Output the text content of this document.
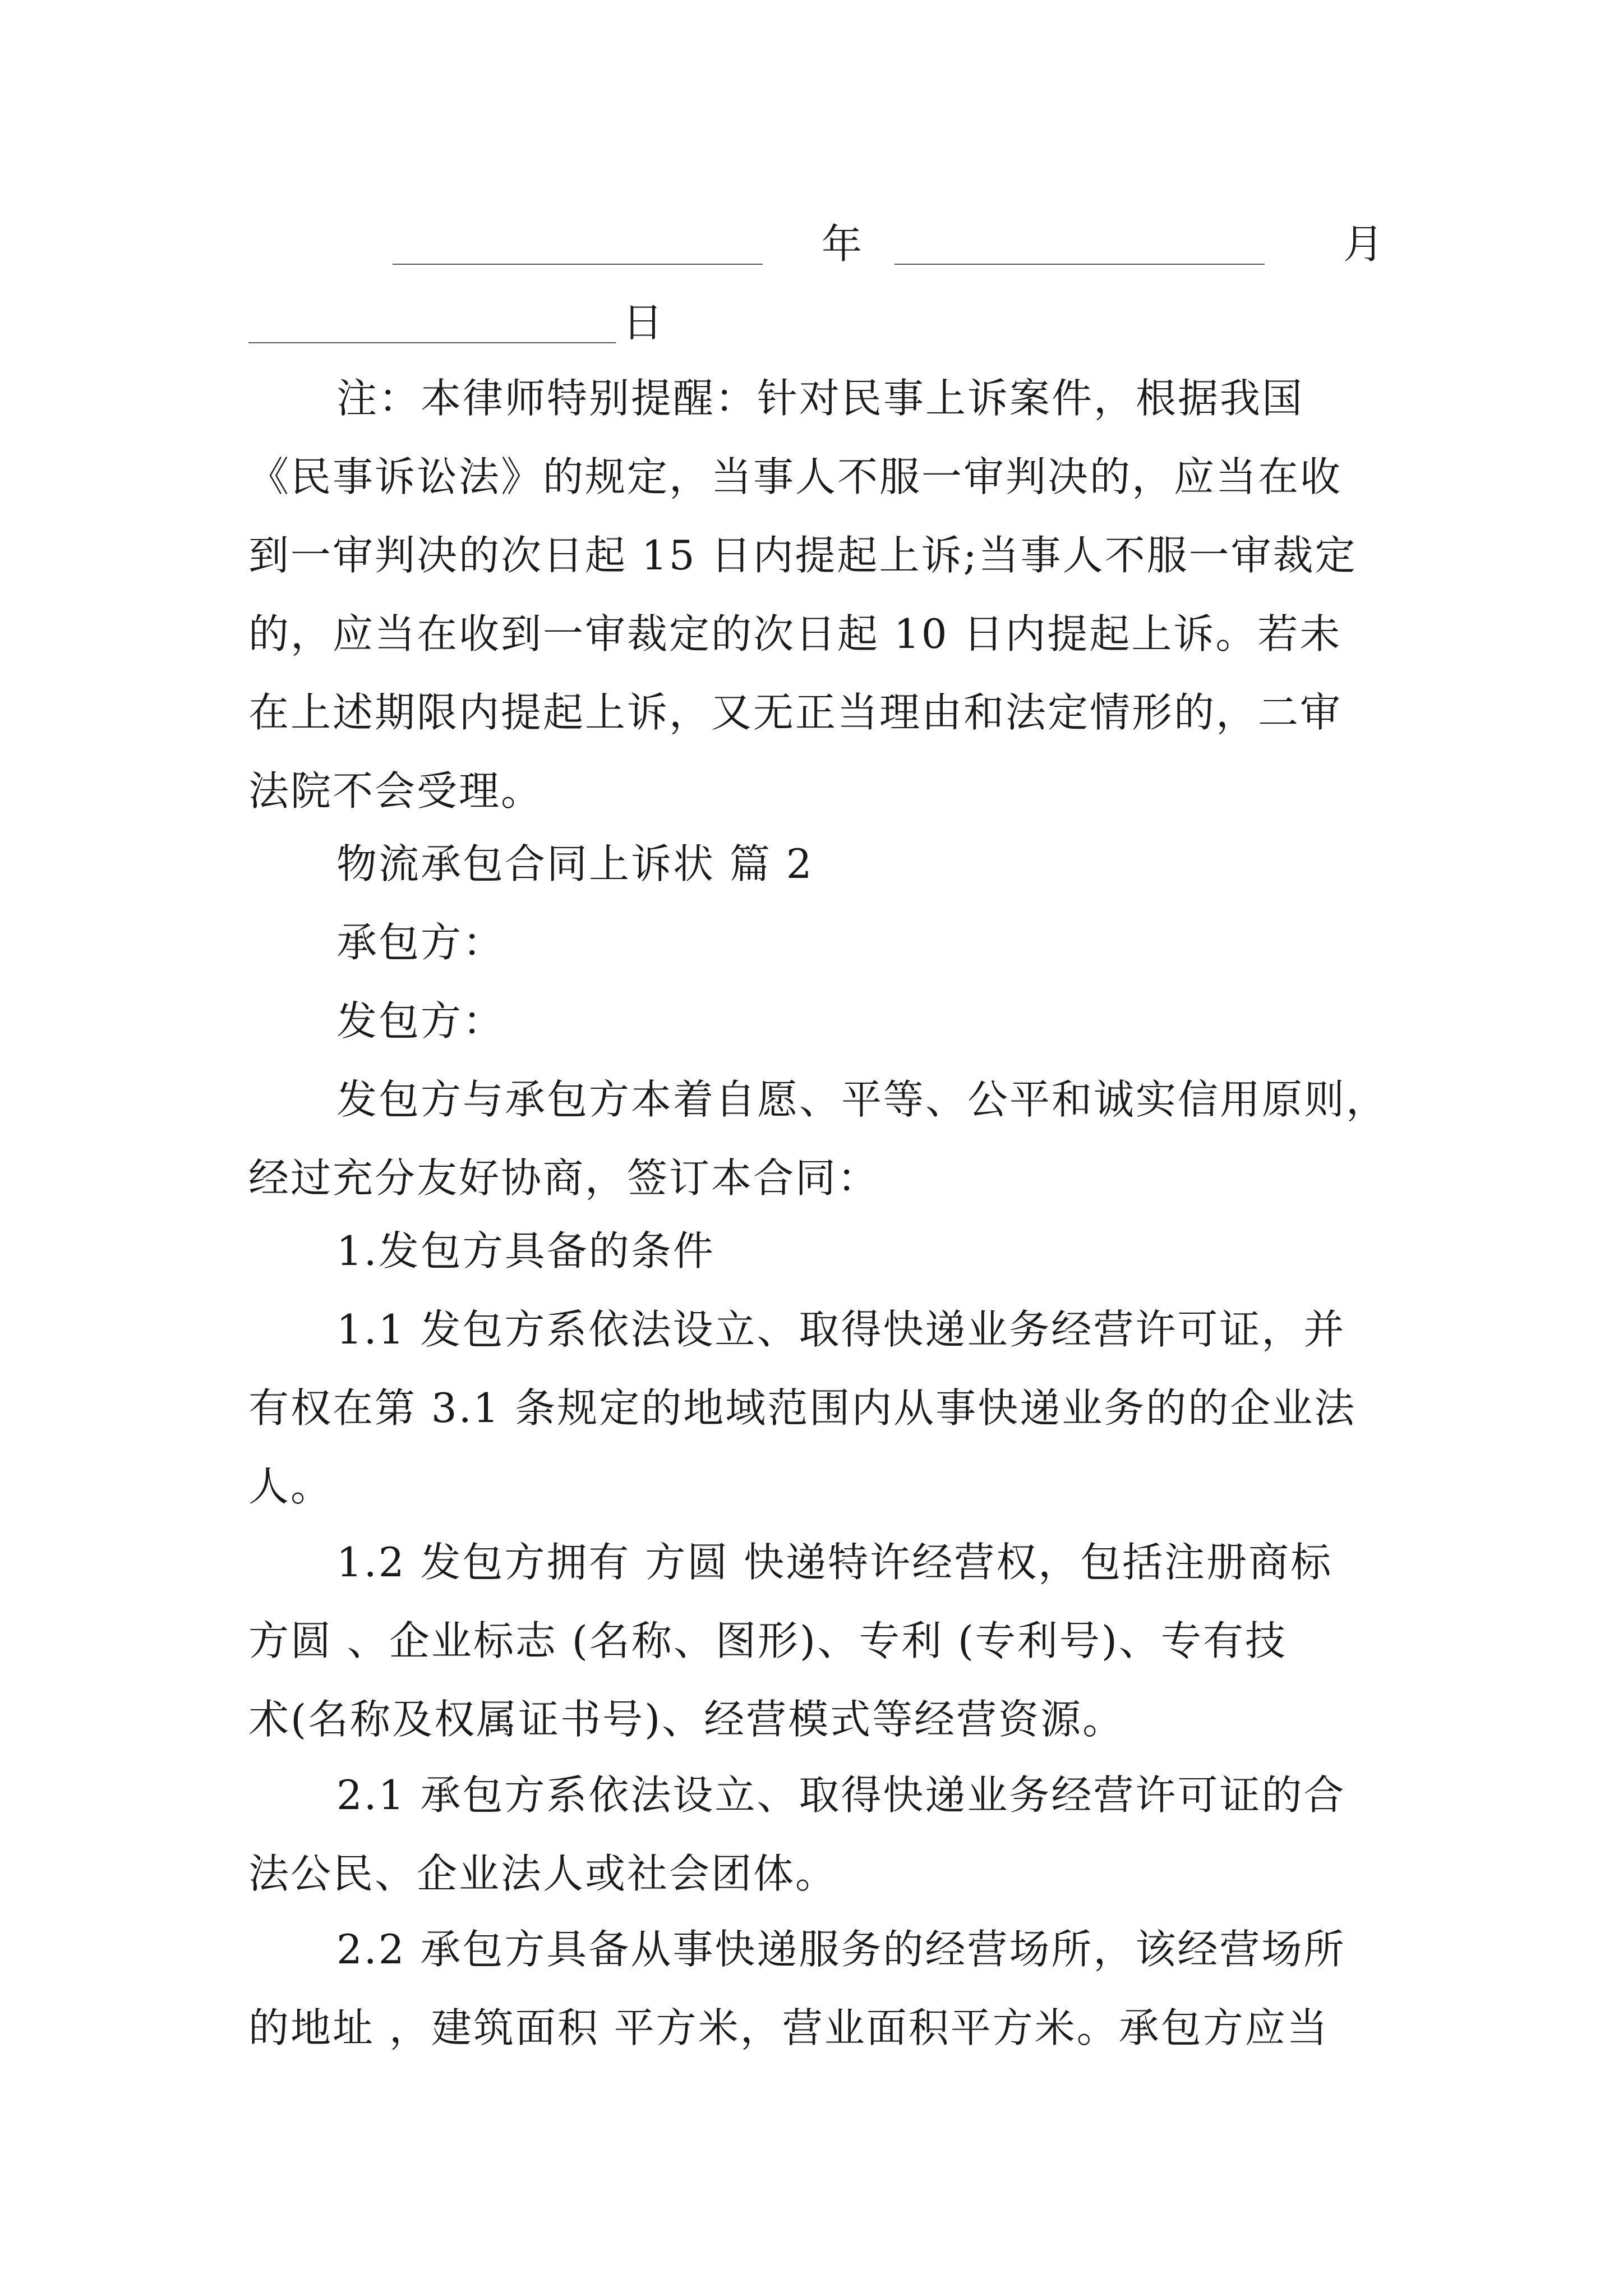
年	月
日
注：本律师特别提醒：针对民事上诉案件，根据我国
《民事诉讼法》的规定，当事人不服一审判决的，应当在收
到一审判决的次日起 15 日内提起上诉;当事人不服一审裁定
的，应当在收到一审裁定的次日起 10 日内提起上诉。若未
在上述期限内提起上诉，又无正当理由和法定情形的，二审
法院不会受理。
物流承包合同上诉状 篇 2
承包方：
发包方：
发包方与承包方本着自愿、平等、公平和诚实信用原则，
经过充分友好协商，签订本合同：
1.发包方具备的条件
1.1 发包方系依法设立、取得快递业务经营许可证，并
有权在第 3.1 条规定的地域范围内从事快递业务的的企业法
人。
1.2 发包方拥有 方圆 快递特许经营权，包括注册商标
方圆 、企业标志 (名称、图形)、专利 (专利号)、专有技
术(名称及权属证书号)、经营模式等经营资源。
2.1 承包方系依法设立、取得快递业务经营许可证的合
法公民、企业法人或社会团体。
2.2 承包方具备从事快递服务的经营场所，该经营场所
的地址 ，建筑面积 平方米，营业面积平方米。承包方应当
